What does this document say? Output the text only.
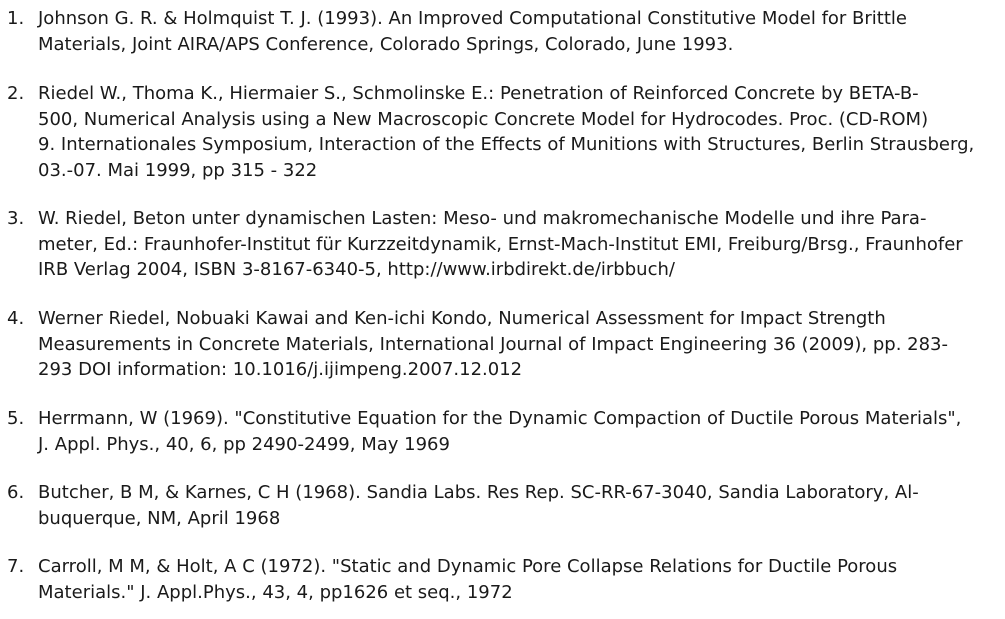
1. Johnson G. R. & Holmquist T. J. (1993). An Improved Computational Constitutive Model for Brittle
Materials, Joint AIRA/APS Conference, Colorado Springs, Colorado, June 1993.
2. Riedel W., Thoma K., Hiermaier S., Schmolinske E.: Penetration of Reinforced Concrete by BETA-B-
500, Numerical Analysis using a New Macroscopic Concrete Model for Hydrocodes. Proc. (CD-ROM)
9. Internationales Symposium, Interaction of the Effects of Munitions with Structures, Berlin Strausberg,
03.-07. Mai 1999, pp 315 - 322
3. W. Riedel, Beton unter dynamischen Lasten: Meso- und makromechanische Modelle und ihre Para-
meter, Ed.: Fraunhofer-Institut für Kurzzeitdynamik, Ernst-Mach-Institut EMI, Freiburg/Brsg., Fraunhofer
IRB Verlag 2004, ISBN 3-8167-6340-5, http://www.irbdirekt.de/irbbuch/
4. Werner Riedel, Nobuaki Kawai and Ken-ichi Kondo, Numerical Assessment for Impact Strength
Measurements in Concrete Materials, International Journal of Impact Engineering 36 (2009), pp. 283-
293 DOI information: 10.1016/j.ijimpeng.2007.12.012
5. Herrmann, W (1969). "Constitutive Equation for the Dynamic Compaction of Ductile Porous Materials",
J. Appl. Phys., 40, 6, pp 2490-2499, May 1969
6. Butcher, B M, & Karnes, C H (1968). Sandia Labs. Res Rep. SC-RR-67-3040, Sandia Laboratory, Al-
buquerque, NM, April 1968
7. Carroll, M M, & Holt, A C (1972). "Static and Dynamic Pore Collapse Relations for Ductile Porous
Materials." J. Appl.Phys., 43, 4, pp1626 et seq., 1972
